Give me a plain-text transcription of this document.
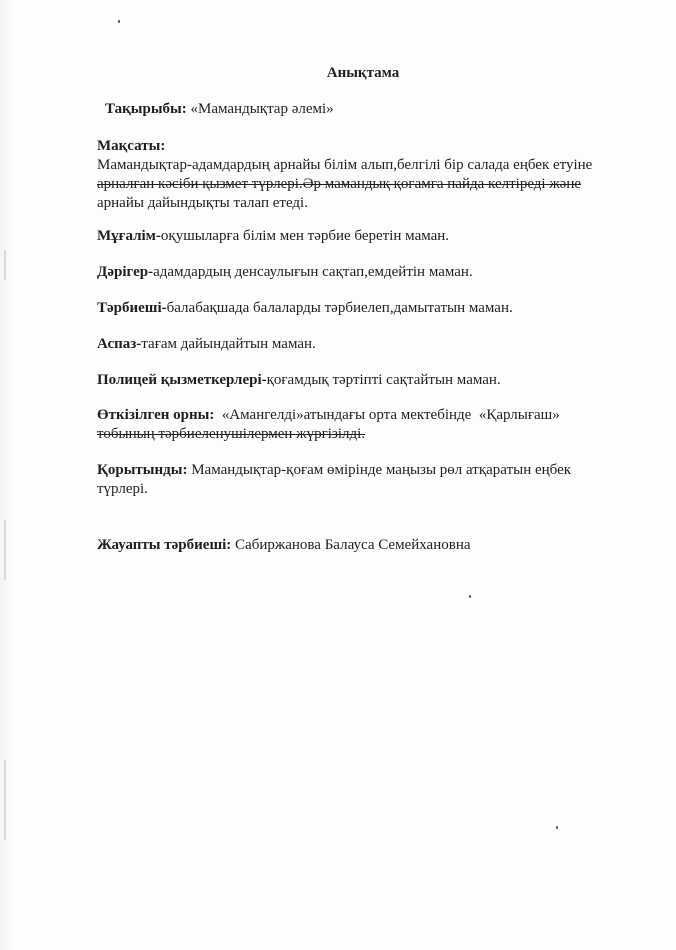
Анықтама
Тақырыбы: «Мамандықтар әлемі»
Мақсаты:
Мамандықтар-адамдардың арнайы білім алып,белгілі бір салада еңбек етуіне
арналған кәсіби қызмет түрлері.Әр мамандық қоғамға пайда келтіреді және
арнайы дайындықты талап етеді.
Мұғалім-оқушыларға білім мен тәрбие беретін маман.
Дәрігер-адамдардың денсаулығын сақтап,емдейтін маман.
Тәрбиеші-балабақшада балаларды тәрбиелеп,дамытатын маман.
Аспаз-тағам дайындайтын маман.
Полицей қызметкерлері-қоғамдық тәртіпті сақтайтын маман.
Өткізілген орны:  «Амангелді»атындағы орта мектебінде  «Қарлығаш»
тобының тәрбиеленушілермен жүргізілді.
Қорытынды: Мамандықтар-қоғам өмірінде маңызы рөл атқаратын еңбек
түрлері.
Жауапты тәрбиеші: Сабиржанова Балауса Семейхановна
